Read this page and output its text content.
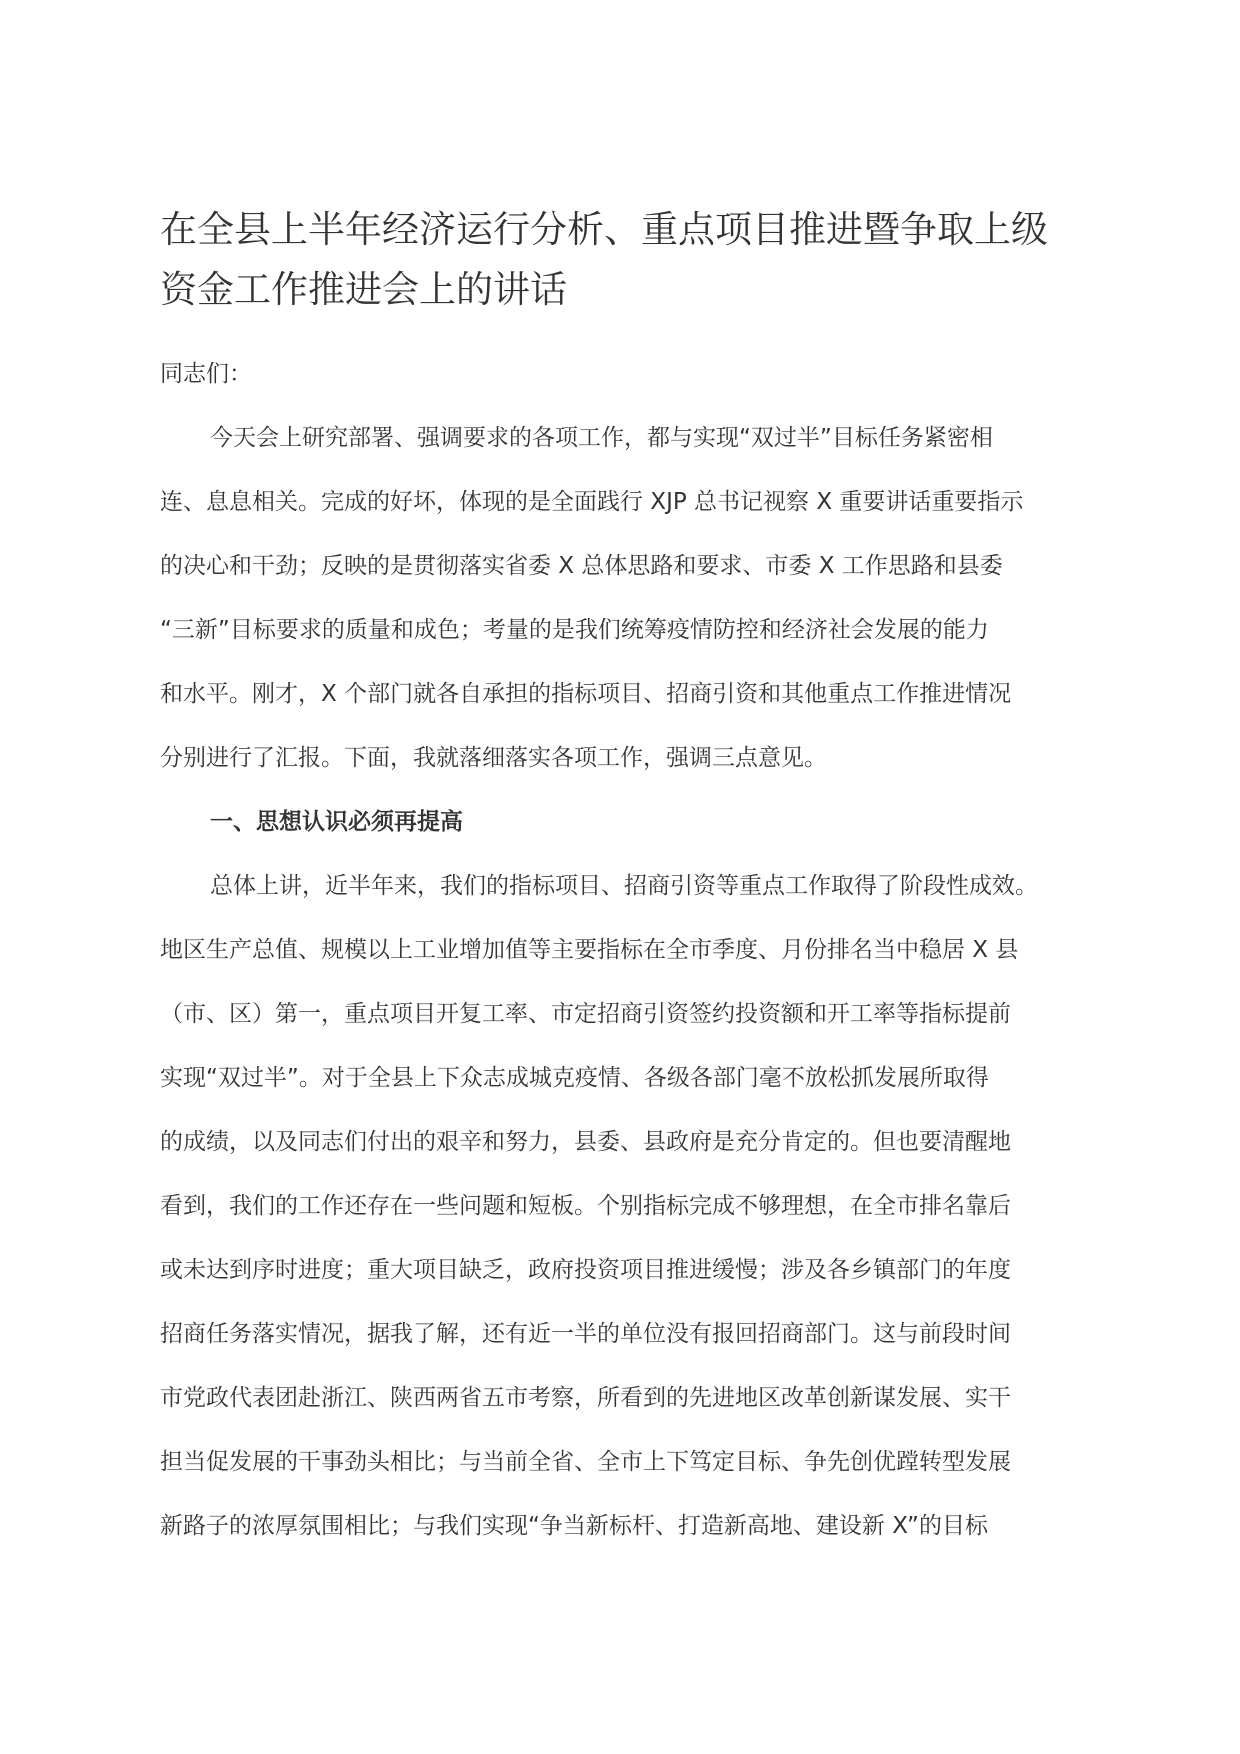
在全县上半年经济运行分析、重点项目推进暨争取上级
资金工作推进会上的讲话
同志们：
今天会上研究部署、强调要求的各项工作，都与实现“双过半”目标任务紧密相
连、息息相关。完成的好坏，体现的是全面践行 XJP 总书记视察 X 重要讲话重要指示
的决心和干劲；反映的是贯彻落实省委 X 总体思路和要求、市委 X 工作思路和县委
“三新”目标要求的质量和成色；考量的是我们统筹疫情防控和经济社会发展的能力
和水平。刚才，X 个部门就各自承担的指标项目、招商引资和其他重点工作推进情况
分别进行了汇报。下面，我就落细落实各项工作，强调三点意见。
一、思想认识必须再提高
总体上讲，近半年来，我们的指标项目、招商引资等重点工作取得了阶段性成效。
地区生产总值、规模以上工业增加值等主要指标在全市季度、月份排名当中稳居 X 县
（市、区）第一，重点项目开复工率、市定招商引资签约投资额和开工率等指标提前
实现“双过半”。对于全县上下众志成城克疫情、各级各部门毫不放松抓发展所取得
的成绩，以及同志们付出的艰辛和努力，县委、县政府是充分肯定的。但也要清醒地
看到，我们的工作还存在一些问题和短板。个别指标完成不够理想，在全市排名靠后
或未达到序时进度；重大项目缺乏，政府投资项目推进缓慢；涉及各乡镇部门的年度
招商任务落实情况，据我了解，还有近一半的单位没有报回招商部门。这与前段时间
市党政代表团赴浙江、陕西两省五市考察，所看到的先进地区改革创新谋发展、实干
担当促发展的干事劲头相比；与当前全省、全市上下笃定目标、争先创优蹚转型发展
新路子的浓厚氛围相比；与我们实现“争当新标杆、打造新高地、建设新 X”的目标
